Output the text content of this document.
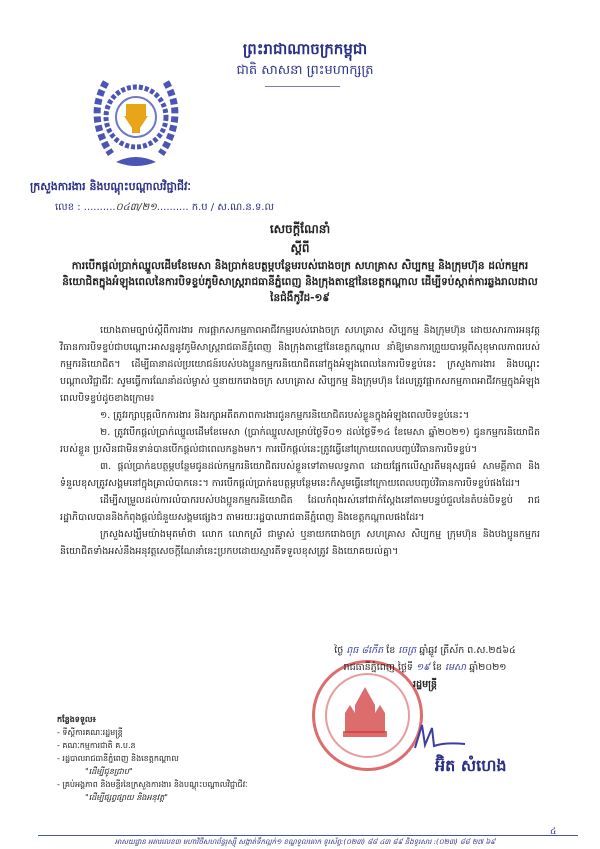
ព្រះរាជាណាចក្រកម្ពុជា
ជាតិ សាសនា ព្រះមហាក្សត្រ
ក្រសួងការងារ និងបណ្ដុះបណ្ដាលវិជ្ជាជីវៈ
លេខ : ..........០៤៣/២១.......... ក.ប / ស.ណ.ន.ទ.ល
សេចក្ដីណែនាំ
ស្ដីពី
ការបើកផ្ដល់ប្រាក់ឈ្នួលដើមខែមេសា និងប្រាក់ឧបត្ថម្ភបន្ថែមរបស់រោងចក្រ សហគ្រាស សិប្បកម្ម និងក្រុមហ៊ុន ដល់កម្មករនិយោជិតក្នុងអំឡុងពេលនៃការបិទខ្ទប់ភូមិសាស្ត្ររាជធានីភ្នំពេញ និងក្រុងតាខ្មៅនៃខេត្តកណ្ដាល ដើម្បីទប់ស្កាត់ការឆ្លងរាលដាលនៃជំងឺកូវីដ-១៩

យោងតាមច្បាប់ស្ដីពីការងារ ការផ្អាកសកម្មភាពអាជីវកម្មរបស់រោងចក្រ សហគ្រាស សិប្បកម្ម និងក្រុមហ៊ុន ដោយសារការអនុវត្តវិធានការបិទខ្ទប់ជាបណ្ដោះអាសន្ននូវភូមិសាស្ត្ររាជធានីភ្នំពេញ និងក្រុងតាខ្មៅនៃខេត្តកណ្ដាល នាំឱ្យមានការព្រួយបារម្ភពីសុខុមាលភាពរបស់កម្មករនិយោជិត។ ដើម្បីធានាដល់ប្រយោជន៍របស់បងប្អូនកម្មករនិយោជិតនៅក្នុងអំឡុងពេលនៃការបិទខ្ទប់នេះ ក្រសួងការងារ និងបណ្ដុះបណ្ដាលវិជ្ជាជីវៈ សូមធ្វើការណែនាំដល់ម្ចាស់ ឬនាយករោងចក្រ សហគ្រាស សិប្បកម្ម និងក្រុមហ៊ុន ដែលត្រូវផ្អាកសកម្មភាពអាជីវកម្មក្នុងអំឡុងពេលបិទខ្ទប់ដូចខាងក្រោម៖

១. ត្រូវរក្សាបុគ្គលិកការងារ និងរក្សាអតីតភាពការងារជូនកម្មករនិយោជិតរបស់ខ្លួនក្នុងអំឡុងពេលបិទខ្ទប់នេះ។

២. ត្រូវបើកផ្ដល់ប្រាក់ឈ្នួលដើមខែមេសា (ប្រាក់ឈ្នួលសម្រាប់ថ្ងៃទី០១ ដល់ថ្ងៃទី១៤ ខែមេសា ឆ្នាំ២០២១) ជូនកម្មករនិយោជិតរបស់ខ្លួន ប្រសិនជាមិនទាន់បានបើកផ្ដល់ជាពេលកន្លងមក។ ការបើកផ្ដល់នេះត្រូវធ្វើនៅក្រោយពេលបញ្ចប់វិធានការបិទខ្ទប់។

៣. ផ្ដល់ប្រាក់ឧបត្ថម្ភបន្ថែមជូនដល់កម្មករនិយោជិតរបស់ខ្លួនទៅតាមលទ្ធភាព ដោយផ្អែកលើស្មារតីមនុស្សធម៌ សាមគ្គីភាព និងទំនួលខុសត្រូវសង្គមនៅក្នុងគ្រាលំបាកនេះ។ ការបើកផ្ដល់ប្រាក់ឧបត្ថម្ភបន្ថែមនេះក៏សូមធ្វើនៅក្រោយពេលបញ្ចប់វិធានការបិទខ្ទប់ផងដែរ។

ដើម្បីសម្រួលដល់ការលំបាករបស់បងប្អូនកម្មករនិយោជិត ដែលកំពុងរស់នៅជាក់ស្ដែងនៅតាមបន្ទប់ជួលនៃតំបន់បិទខ្ទប់ រាជរដ្ឋាភិបាលបាននិងកំពុងផ្ដល់ជំនួយសង្គមផ្សេងៗ តាមរយៈរដ្ឋបាលរាជធានីភ្នំពេញ និងខេត្តកណ្ដាលផងដែរ។

ក្រសួងសង្ឃឹមយ៉ាងមុតមាំថា លោក លោកស្រី ជាម្ចាស់ ឬនាយករោងចក្រ សហគ្រាស សិប្បកម្ម ក្រុមហ៊ុន និងបងប្អូនកម្មករនិយោជិតទាំងអស់នឹងអនុវត្តសេចក្ដីណែនាំនេះប្រកបដោយស្មារតីទទួលខុសត្រូវ និងយោគយល់គ្នា។

ថ្ងៃ ពុធ ៨កើត ខែ ចេត្រ ឆ្នាំឆ្លូវ ត្រីស័ក ព.ស.២៥៦៤
រាជធានីភ្នំពេញ ថ្ងៃទី ១៩ ខែ មេសា ឆ្នាំ២០២១
រដ្ឋមន្ត្រី
អ៊ិត សំហេង
កន្លែងទទួល៖
- ទីស្ដីការគណៈរដ្ឋមន្ត្រី
- គណៈកម្មការជាតិ គ.ប.ន
- រដ្ឋបាលរាជធានីភ្នំពេញ និងខេត្តកណ្ដាល
"ដើម្បីជូនជ្រាប"
- គ្រប់អង្គភាព និងមន្ទីរនៃក្រសួងការងារ និងបណ្ដុះបណ្ដាលវិជ្ជាជីវៈ
"ដើម្បីផ្សព្វផ្សាយ និងអនុវត្ត"
៤
អាសយដ្ឋាន អគារលេខ៣ មហាវិថីសហព័ន្ធរុស្ស៊ី សង្កាត់ទឹកល្អក់១ ខណ្ឌទួលគោក ទូរស័ព្ទ:(០២៣) ៨៨ ៤៣ ៨៩ និងទូរសារ :(០២៣) ៨៨ ២៧ ៦៩
